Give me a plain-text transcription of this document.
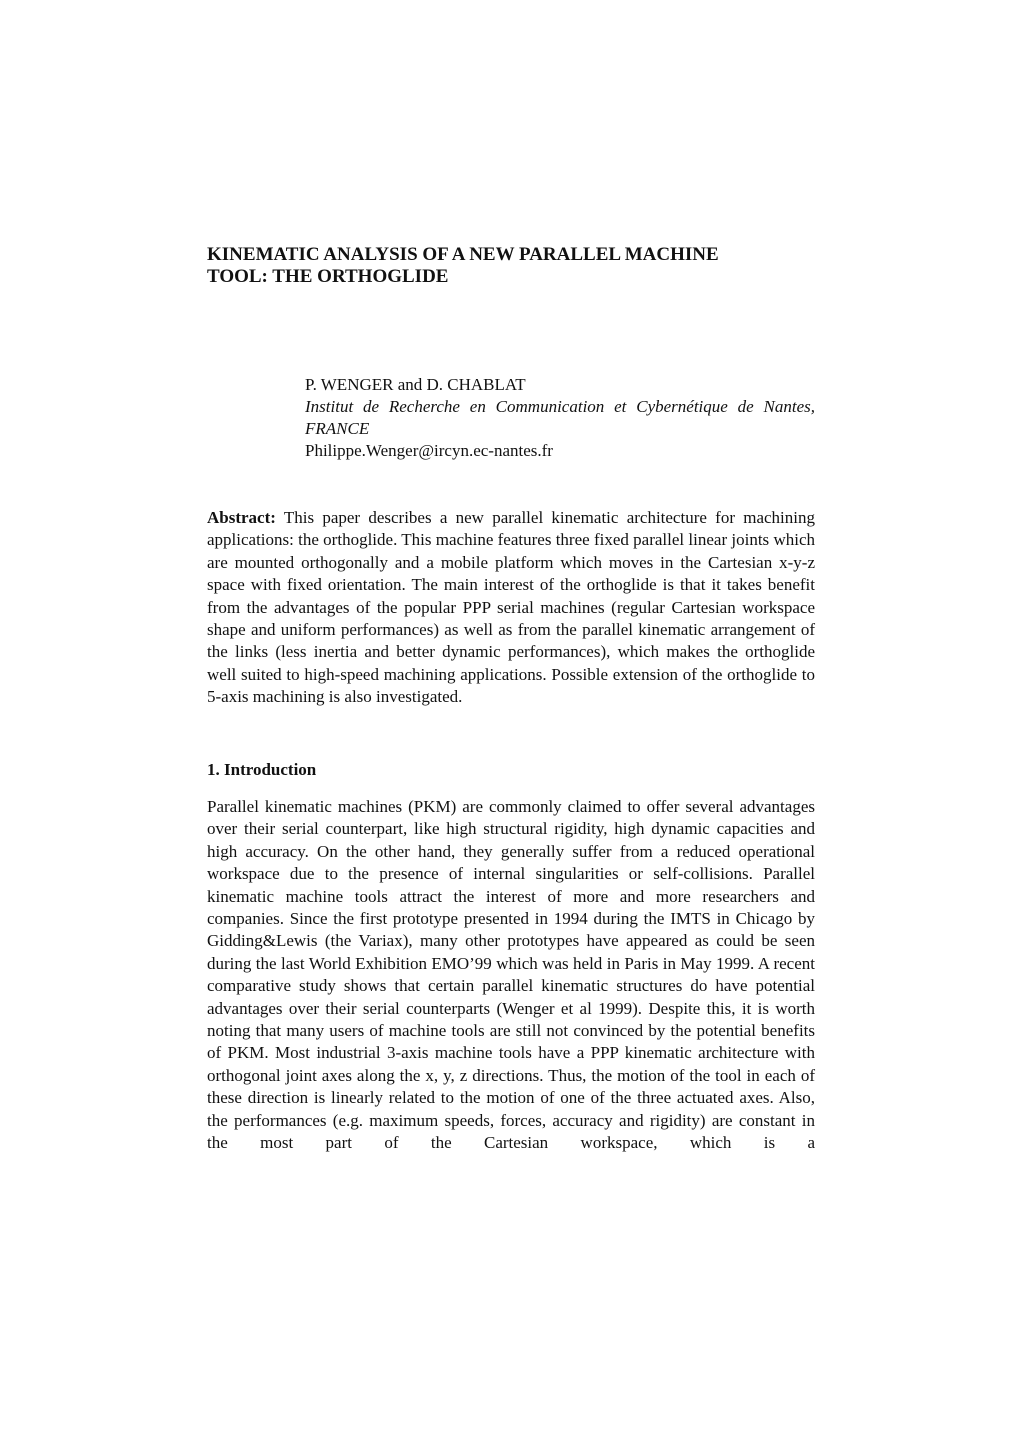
KINEMATIC ANALYSIS OF A NEW PARALLEL MACHINE
TOOL: THE ORTHOGLIDE
P. WENGER and D. CHABLAT
Institut de Recherche en Communication et Cybernétique de Nantes, FRANCE
Philippe.Wenger@ircyn.ec-nantes.fr

Abstract: This paper describes a new parallel kinematic architecture for machining applications: the orthoglide. This machine features three fixed parallel linear joints which are mounted orthogonally and a mobile platform which moves in the Cartesian x-y-z space with fixed orientation. The main interest of the orthoglide is that it takes benefit from the advantages of the popular PPP serial machines (regular Cartesian workspace shape and uniform performances) as well as from the parallel kinematic arrangement of the links (less inertia and better dynamic performances), which makes the orthoglide well suited to high-speed machining applications. Possible extension of the orthoglide to 5-axis machining is also investigated.

1. Introduction

Parallel kinematic machines (PKM) are commonly claimed to offer several advantages over their serial counterpart, like high structural rigidity, high dynamic capacities and high accuracy. On the other hand, they generally suffer from a reduced operational workspace due to the presence of internal singularities or self-collisions. Parallel kinematic machine tools attract the interest of more and more researchers and companies. Since the first prototype presented in 1994 during the IMTS in Chicago by Gidding&Lewis (the Variax), many other prototypes have appeared as could be seen during the last World Exhibition EMO’99 which was held in Paris in May 1999. A recent comparative study shows that certain parallel kinematic structures do have potential advantages over their serial counterparts (Wenger et al 1999). Despite this, it is worth noting that many users of machine tools are still not convinced by the potential benefits of PKM. Most industrial 3-axis machine tools have a PPP kinematic architecture with orthogonal joint axes along the x, y, z directions. Thus, the motion of the tool in each of these direction is linearly related to the motion of one of the three actuated axes. Also, the performances (e.g. maximum speeds, forces, accuracy and rigidity) are constant in the most part of the Cartesian workspace, which is a
